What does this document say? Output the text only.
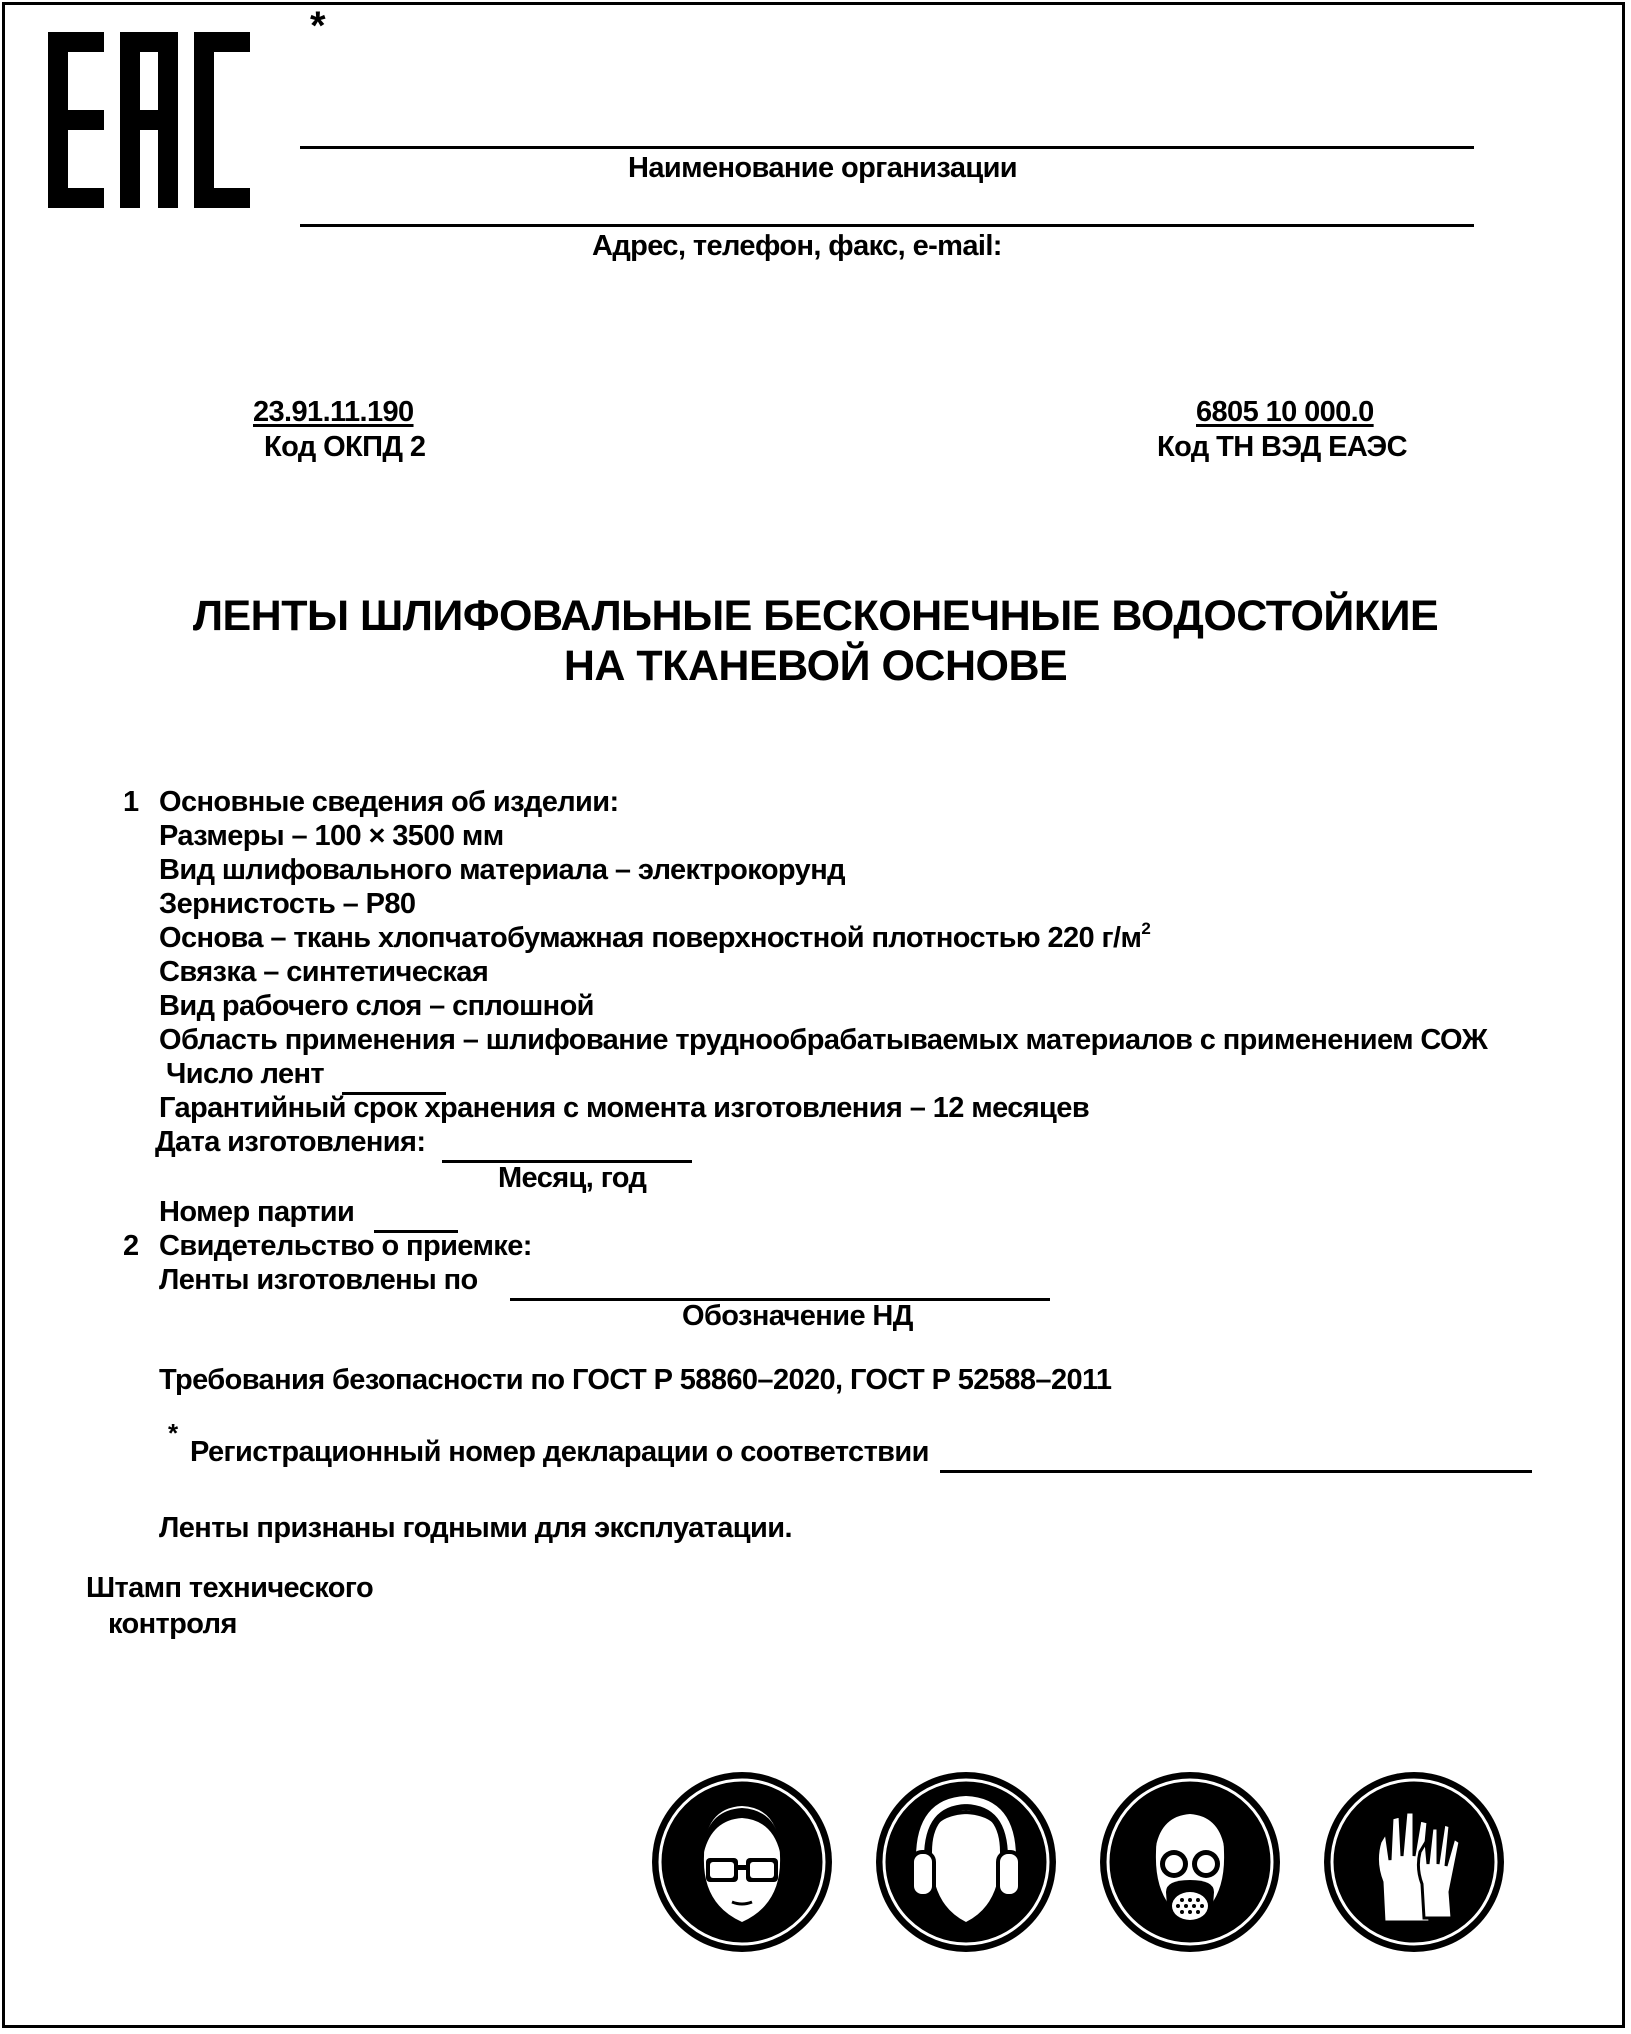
*
Наименование организации
Адрес, телефон, факс, e-mail:
23.91.11.190
Код ОКПД 2
6805 10 000.0
Код ТН ВЭД ЕАЭС
ЛЕНТЫ ШЛИФОВАЛЬНЫЕ БЕСКОНЕЧНЫЕ ВОДОСТОЙКИЕ
НА ТКАНЕВОЙ ОСНОВЕ
1 Основные сведения об изделии:
Размеры – 100 × 3500 мм
Вид шлифовального материала – электрокорунд
Зернистость – P80
Основа – ткань хлопчатобумажная поверхностной плотностью 220 $г/м^2$
Связка – синтетическая
Вид рабочего слоя – сплошной
Область применения – шлифование труднообрабатываемых материалов с применением СОЖ
Число лент
Гарантийный срок хранения с момента изготовления – 12 месяцев
Дата изготовления:
Месяц, год
Номер партии
2 Свидетельство о приемке:
Ленты изготовлены по
Обозначение НД
Требования безопасности по ГОСТ Р 58860–2020, ГОСТ Р 52588–2011
*
Регистрационный номер декларации о соответствии
Ленты признаны годными для эксплуатации.
Штамп технического
контроля
